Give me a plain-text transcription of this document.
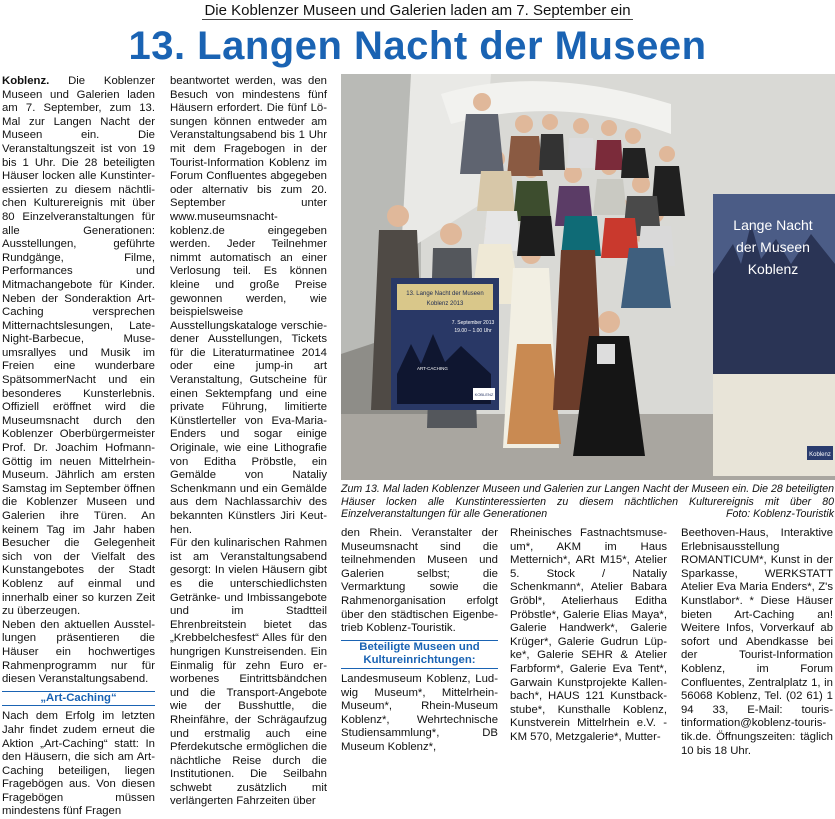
Die Koblenzer Museen und Galerien laden am 7. September ein
13. Langen Nacht der Museen

Koblenz. Die Koblenzer Museen und Galerien laden am 7. September, zum 13. Mal zur Langen Nacht der Museen ein. Die Veranstaltungszeit ist von 19 bis 1 Uhr. Die 28 beteiligten Häuser locken alle Kunstinteressierten zu diesem nächtlichen Kulturereignis mit über 80 Einzelveranstaltungen für alle Generationen: Ausstellungen, geführte Rundgänge, Filme, Performances und Mitmachangebote für Kinder. Neben der Sonderaktion Art-Caching versprechen Mitternachtslesungen, Late-Night-Barbecue, Museumsrallyes und Musik im Freien eine wunderbare SpätsommerNacht und ein besonderes Kunsterlebnis. Offiziell eröffnet wird die Museumsnacht durch den Koblenzer Oberbürgermeister Prof. Dr. Joachim HofmannGöttig im neuen Mittelrhein-Museum. Jährlich am ersten Samstag im September öffnen die Koblenzer Museen und Galerien ihre Türen. An keinem Tag im Jahr haben Besucher die Gelegenheit sich von der Vielfalt des Kunstangebotes der Stadt Koblenz auf einmal und innerhalb einer so kurzen Zeit zu überzeugen.

Neben den aktuellen Ausstellungen präsentieren die Häuser ein hochwertiges Rahmenprogramm nur für diesen Veranstaltungsabend.

„Art-Caching“

Nach dem Erfolg im letzten Jahr findet zudem erneut die Aktion „Art-Caching“ statt: In den Häusern, die sich am Art-Caching beteiligen, liegen Fragebögen aus. Von diesen Fragebögen müssen mindestens fünf Fragen

beantwortet werden, was den Besuch von mindestens fünf Häusern erfordert. Die fünf Lösungen können entweder am Veranstaltungsabend bis 1 Uhr mit dem Fragebogen in der Tourist-Information Koblenz im Forum Confluentes abgegeben oder alternativ bis zum 20. September unter www.museumsnacht-koblenz.de eingegeben werden. Jeder Teilnehmer nimmt automatisch an einer Verlosung teil. Es können kleine und große Preise gewonnen werden, wie beispielsweise Ausstellungskataloge verschiedener Ausstellungen, Tickets für die Literaturmatinee 2014 oder eine jump-in art Veranstaltung, Gutscheine für einen Sektempfang und eine private Führung, limitierte Künstlerteller von Eva-Maria-Enders und sogar einige Originale, wie eine Lithografie von Editha Pröbstle, ein Gemälde von Nataliy Schenkmann und ein Gemälde aus dem Nachlassarchiv des bekannten Künstlers Jiri Keuthen.

Für den kulinarischen Rahmen ist am Veranstaltungsabend gesorgt: In vielen Häusern gibt es die unterschiedlichsten Getränke- und Imbissangebote und im Stadtteil Ehrenbreitstein bietet das „Krebbelchesfest“ Alles für den hungrigen Kunstreisenden. Ein Einmalig für zehn Euro erworbenes Eintrittsbändchen und die Transport-Angebote wie der Busshuttle, die Rheinfähre, der Schrägaufzug und erstmalig auch eine Pferdekutsche ermöglichen die nächtliche Reise durch die Institutionen. Die Seilbahn schwebt zusätzlich mit verlängerten Fahrzeiten über

Lange Nacht
der Museen
Koblenz
Koblenz
13. Lange Nacht der Museen
Koblenz 2013
7. September 2013
19.00 – 1.00 Uhr
ART-CACHING
KOBLENZ
Zum 13. Mal laden Koblenzer Museen und Galerien zur Langen Nacht der Museen ein. Die 28 beteiligten Häuser locken alle Kunstinteressierten zu diesem nächtlichen Kulturereignis mit über 80 Einzelveranstaltungen für alle Generationen	Foto: Koblenz-Touristik

den Rhein. Veranstalter der Museumsnacht sind die teilnehmenden Museen und Galerien selbst; die Vermarktung sowie die Rahmenorganisation erfolgt über den städtischen Eigenbetrieb Koblenz-Touristik.

Beteiligte Museen und Kultureinrichtungen:

Landesmuseum Koblenz, Ludwig Museum*, Mittelrhein-Museum*, Rhein-Museum Koblenz*, Wehrtechnische Studiensammlung*, DB Museum Koblenz*,

Rheinisches Fastnachtsmuseum*, AKM im Haus Metternich*, ARt M15*, Atelier 5. Stock / Nataliy Schenkmann*, Atelier Babara Gröbl*, Atelierhaus Editha Pröbstle*, Galerie Elias Maya*, Galerie Handwerk*, Galerie Krüger*, Galerie Gudrun Lüpke*, Galerie SEHR & Atelier Farbform*, Galerie Eva Tent*, Garwain Kunstprojekte Kallenbach*, HAUS 121 Kunstbackstube*, Kunsthalle Koblenz, Kunstverein Mittelrhein e.V. - KM 570, Metzgalerie*, Mutter-

Beethoven-Haus, Interaktive Erlebnisausstellung ROMANTICUM*, Kunst in der Sparkasse, WERKSTATT Atelier Eva Maria Enders*, Z's Kunstlabor*. * Diese Häuser bieten Art-Caching an! Weitere Infos, Vorverkauf ab sofort und Abendkasse bei der Tourist-Information Koblenz, im Forum Confluentes, Zentralplatz 1, in 56068 Koblenz, Tel. (02 61) 1 94 33, E-Mail: touristinformation@koblenz-touristik.de. Öffnungszeiten: täglich 10 bis 18 Uhr.
